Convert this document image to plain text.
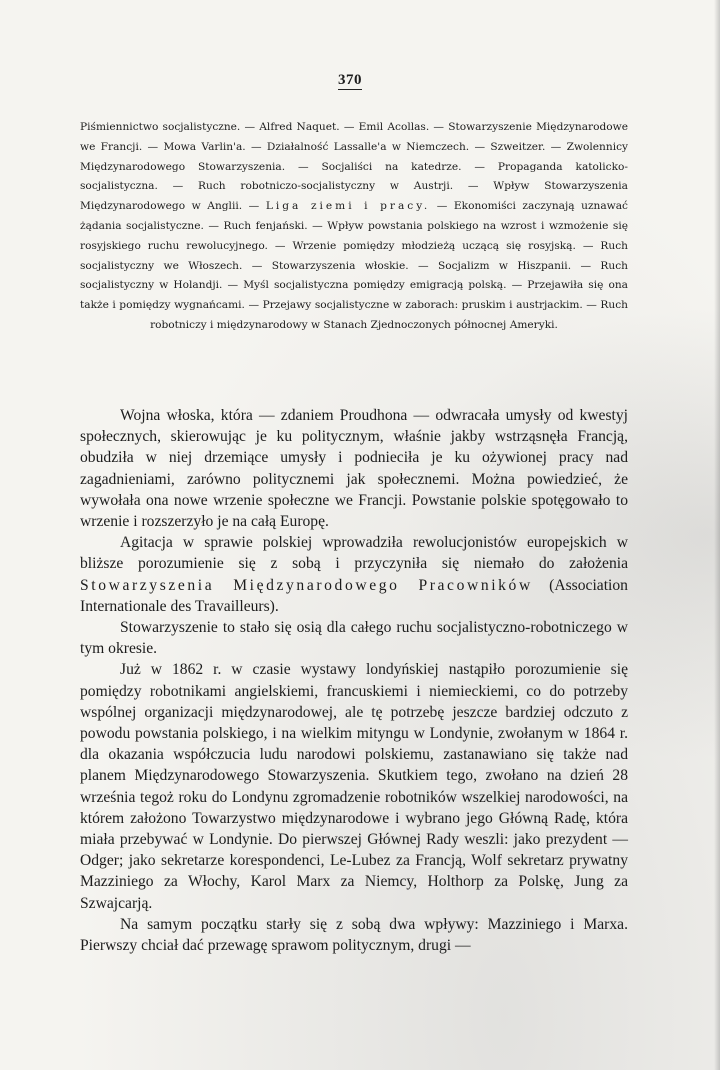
370
Piśmiennictwo socjalistyczne. — Alfred Naquet. — Emil Acollas. — Stowarzyszenie Międzynarodowe we Francji. — Mowa Varlin'a. — Działalność Lassalle'a w Niemczech. — Szweitzer. — Zwolennicy Międzynarodowego Stowarzyszenia. — Socjaliści na katedrze. — Propaganda katolicko-socjalistyczna. — Ruch robotniczo-socjalistyczny w Austrji. — Wpływ Stowarzyszenia Międzynarodowego w Anglii. — Liga ziemi i pracy. — Ekonomiści zaczynają uznawać żądania socjalistyczne. — Ruch fenjański. — Wpływ powstania polskiego na wzrost i wzmożenie się rosyjskiego ruchu rewolucyjnego. — Wrzenie pomiędzy młodzieżą uczącą się rosyjską. — Ruch socjalistyczny we Włoszech. — Stowarzyszenia włoskie. — Socjalizm w Hiszpanii. — Ruch socjalistyczny w Holandji. — Myśl socjalistyczna pomiędzy emigracją polską. — Przejawiła się ona także i pomiędzy wygnańcami. — Przejawy socjalistyczne w zaborach: pruskim i austrjackim. — Ruch robotniczy i międzynarodowy w Stanach Zjednoczonych północnej Ameryki.

Wojna włoska, która — zdaniem Proudhona — odwracała umysły od kwestyj społecznych, skierowując je ku politycznym, właśnie jakby wstrząsnęła Francją, obudziła w niej drzemiące umysły i podnieciła je ku ożywionej pracy nad zagadnieniami, zarówno politycznemi jak społecznemi. Można powiedzieć, że wywołała ona nowe wrzenie społeczne we Francji. Powstanie polskie spotęgowało to wrzenie i rozszerzyło je na całą Europę.

Agitacja w sprawie polskiej wprowadziła rewolucjonistów europejskich w bliższe porozumienie się z sobą i przyczyniła się niemało do założenia Stowarzyszenia Międzynarodowego Pracowników (Association Internationale des Travailleurs).

Stowarzyszenie to stało się osią dla całego ruchu socjalistyczno-robotniczego w tym okresie.

Już w 1862 r. w czasie wystawy londyńskiej nastąpiło porozumienie się pomiędzy robotnikami angielskiemi, francuskiemi i niemieckiemi, co do potrzeby wspólnej organizacji międzynarodowej, ale tę potrzebę jeszcze bardziej odczuto z powodu powstania polskiego, i na wielkim mityngu w Londynie, zwołanym w 1864 r. dla okazania współczucia ludu narodowi polskiemu, zastanawiano się także nad planem Międzynarodowego Stowarzyszenia. Skutkiem tego, zwołano na dzień 28 września tegoż roku do Londynu zgromadzenie robotników wszelkiej narodowości, na którem założono Towarzystwo międzynarodowe i wybrano jego Główną Radę, która miała przebywać w Londynie. Do pierwszej Głównej Rady weszli: jako prezydent — Odger; jako sekretarze korespondenci, Le-Lubez za Francją, Wolf sekretarz prywatny Mazziniego za Włochy, Karol Marx za Niemcy, Holthorp za Polskę, Jung za Szwajcarją.

Na samym początku starły się z sobą dwa wpływy: Mazziniego i Marxa. Pierwszy chciał dać przewagę sprawom politycznym, drugi —
